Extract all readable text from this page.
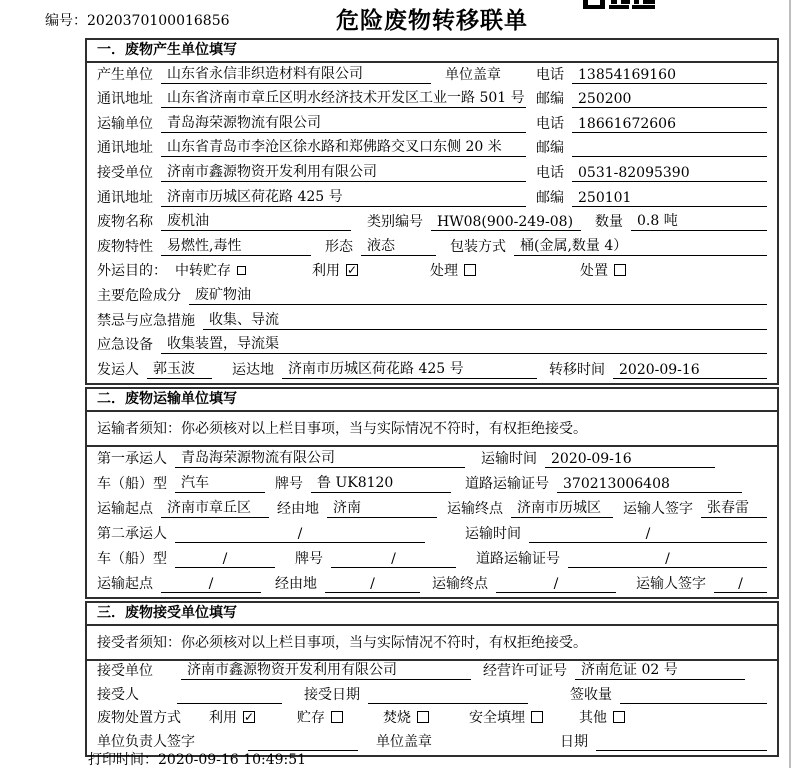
编号：2020370100016856	危险废物转移联单
一．废物产生单位填写
产生单位	山东省永信非织造材料有限公司	单位盖章	电话	13854169160
通讯地址	山东省济南市章丘区明水经济技术开发区工业一路 501 号 邮编	250200
运输单位	青岛海荣源物流有限公司	电话	18661672606
通讯地址	山东省青岛市李沧区徐水路和郑佛路交叉口东侧 20 米	邮编
接受单位	济南市鑫源物资开发利用有限公司	电话	0531-82095390
通讯地址	济南市历城区荷花路 425 号	邮编	250101
废物名称	废机油	类别编号	HW08(900-249-08)	数量	0.8 吨
废物特性	易燃性,毒性	形态	液态	包装方式	桶(金属,数量 4）
外运目的： 中转贮存	利用 ✓	处理	处置
主要危险成分	废矿物油
禁忌与应急措施	收集、导流
应急设备	收集装置，导流渠
发运人	郭玉波	运达地	济南市历城区荷花路 425 号	转移时间	2020-09-16
二．废物运输单位填写
运输者须知：你必须核对以上栏目事项，当与实际情况不符时，有权拒绝接受。
第一承运人	青岛海荣源物流有限公司	运输时间	2020-09-16
车（船）型	汽车	牌号	鲁 UK8120	道路运输证号	370213006408
运输起点	济南市章丘区	经由地	济南	运输终点	济南市历城区	运输人签字	张春雷
第二承运人	/	运输时间	/
车（船）型	/	牌号	/	道路运输证号	/
运输起点	/	经由地	/	运输终点	/	运输人签字	/
三．废物接受单位填写
接受者须知：你必须核对以上栏目事项，当与实际情况不符时，有权拒绝接受。
接受单位	济南市鑫源物资开发利用有限公司	经营许可证号	济南危证 02 号
接受人	接受日期	签收量
废物处置方式 利用 ✓	贮存	焚烧	安全填埋	其他
单位负责人签字	单位盖章	日期
打印时间：2020-09-16 10:49:51
